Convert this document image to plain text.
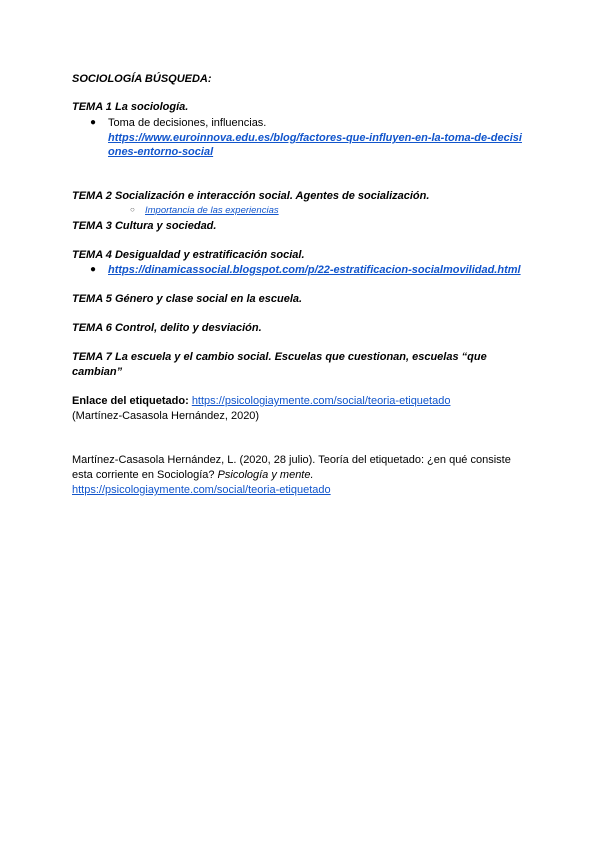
SOCIOLOGÍA BÚSQUEDA:
TEMA 1 La sociología.
● Toma de decisiones, influencias.
https://www.euroinnova.edu.es/blog/factores-que-influyen-en-la-toma-de-decisi
ones-entorno-social
TEMA 2 Socialización e interacción social. Agentes de socialización.
○ Importancia de las experiencias
TEMA 3 Cultura y sociedad.
TEMA 4 Desigualdad y estratificación social.
● https://dinamicassocial.blogspot.com/p/22-estratificacion-socialmovilidad.html
TEMA 5 Género y clase social en la escuela.
TEMA 6 Control, delito y desviación.
TEMA 7 La escuela y el cambio social. Escuelas que cuestionan, escuelas “que
cambian”
Enlace del etiquetado: https://psicologiaymente.com/social/teoria-etiquetado
(Martínez-Casasola Hernández, 2020)
Martínez-Casasola Hernández, L. (2020, 28 julio). Teoría del etiquetado: ¿en qué consiste
esta corriente en Sociología? Psicología y mente.
https://psicologiaymente.com/social/teoria-etiquetado
